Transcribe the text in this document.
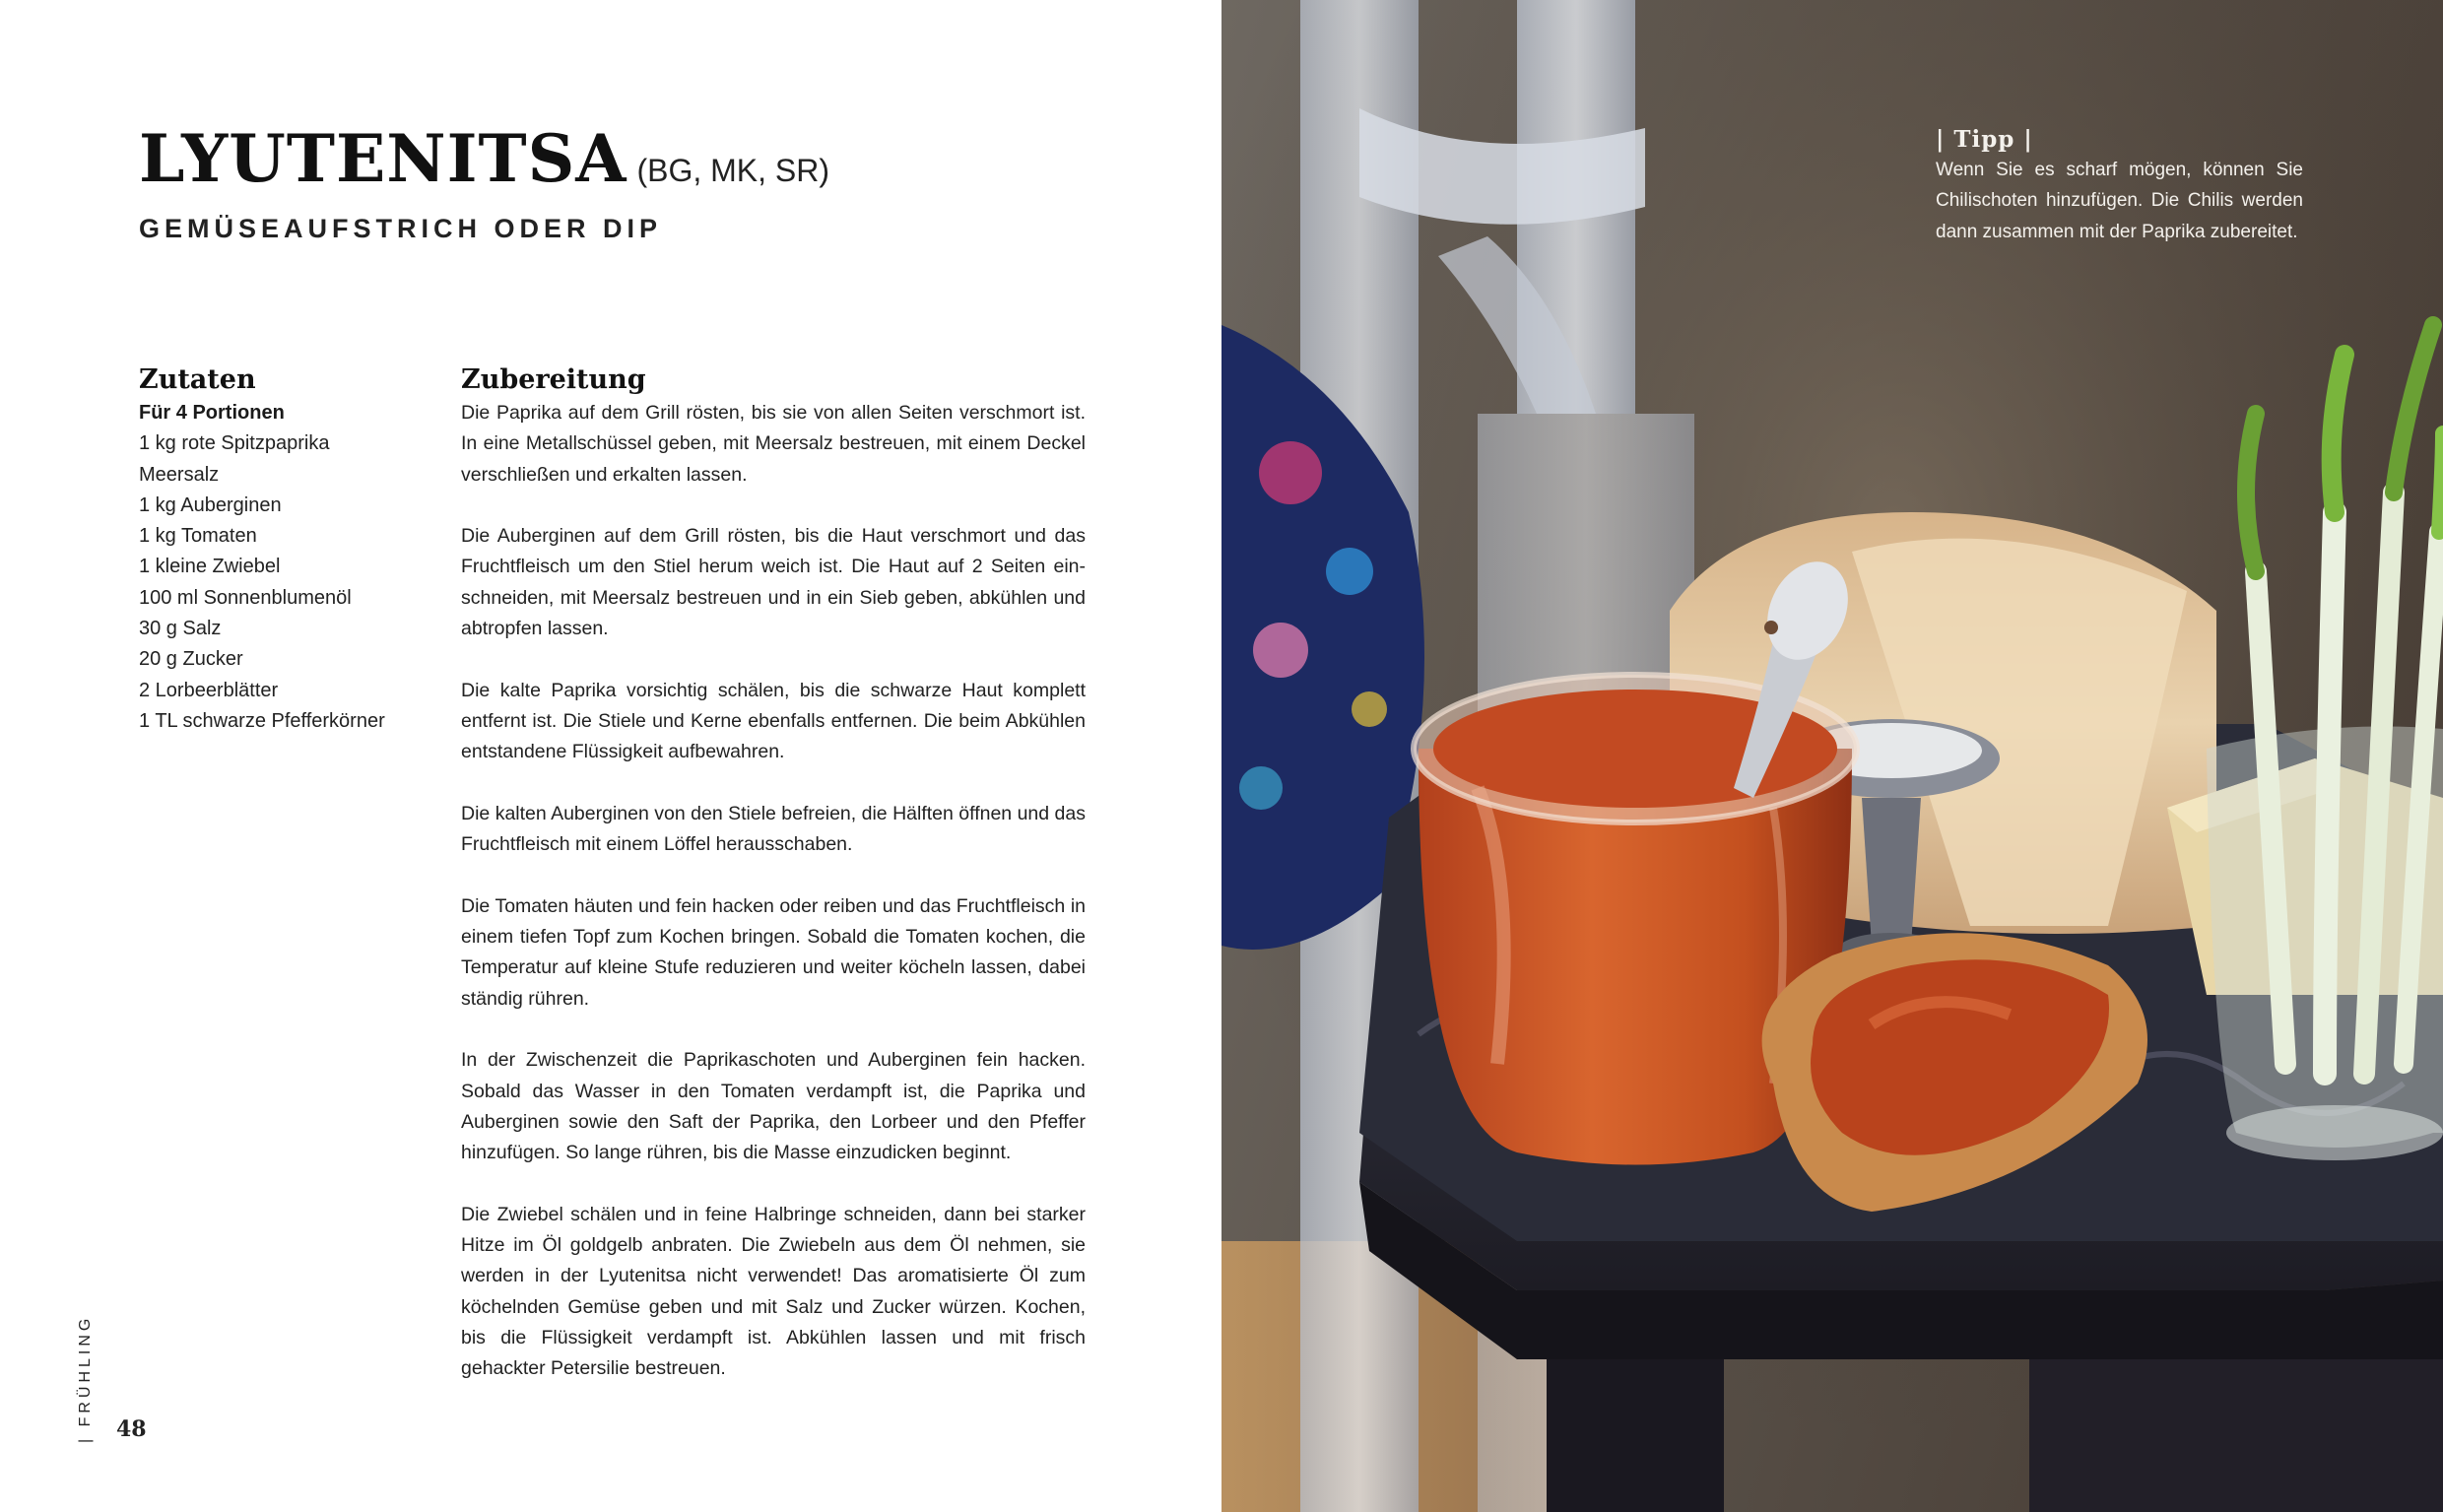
LYUTENITSA (BG, MK, SR)
GEMÜSEAUFSTRICH ODER DIP
Zutaten
Für 4 Portionen
1 kg rote Spitzpaprika
Meersalz
1 kg Auberginen
1 kg Tomaten
1 kleine Zwiebel
100 ml Sonnenblumenöl
30 g Salz
20 g Zucker
2 Lorbeerblätter
1 TL schwarze Pfefferkörner
Zubereitung

Die Paprika auf dem Grill rösten, bis sie von allen Seiten verschmort ist. In eine Metallschüssel geben, mit Meersalz bestreuen, mit einem Deckel verschließen und erkalten lassen.

Die Auberginen auf dem Grill rösten, bis die Haut verschmort und das Fruchtfleisch um den Stiel herum weich ist. Die Haut auf 2 Seiten einschneiden, mit Meersalz bestreuen und in ein Sieb geben, abkühlen und abtropfen lassen.

Die kalte Paprika vorsichtig schälen, bis die schwarze Haut komplett entfernt ist. Die Stiele und Kerne ebenfalls entfernen. Die beim Abkühlen entstandene Flüssigkeit aufbewahren.

Die kalten Auberginen von den Stiele befreien, die Hälften öffnen und das Fruchtfleisch mit einem Löffel herausschaben.

Die Tomaten häuten und fein hacken oder reiben und das Fruchtfleisch in einem tiefen Topf zum Kochen bringen. Sobald die Tomaten kochen, die Temperatur auf kleine Stufe reduzieren und weiter köcheln lassen, dabei ständig rühren.

In der Zwischenzeit die Paprikaschoten und Auberginen fein hacken. Sobald das Wasser in den Tomaten verdampft ist, die Paprika und Auberginen sowie den Saft der Paprika, den Lorbeer und den Pfeffer hinzufügen. So lange rühren, bis die Masse einzudicken beginnt.

Die Zwiebel schälen und in feine Halbringe schneiden, dann bei starker Hitze im Öl goldgelb anbraten. Die Zwiebeln aus dem Öl nehmen, sie werden in der Lyutenitsa nicht verwendet! Das aromatisierte Öl zum köchelnden Gemüse geben und mit Salz und Zucker würzen. Kochen, bis die Flüssigkeit verdampft ist. Abkühlen lassen und mit frisch gehackter Petersilie bestreuen.

| FRÜHLING 48
| Tipp |
Wenn Sie es scharf mögen, können Sie Chilischoten hinzufügen. Die Chilis werden dann zusammen mit der Paprika zubereitet.
